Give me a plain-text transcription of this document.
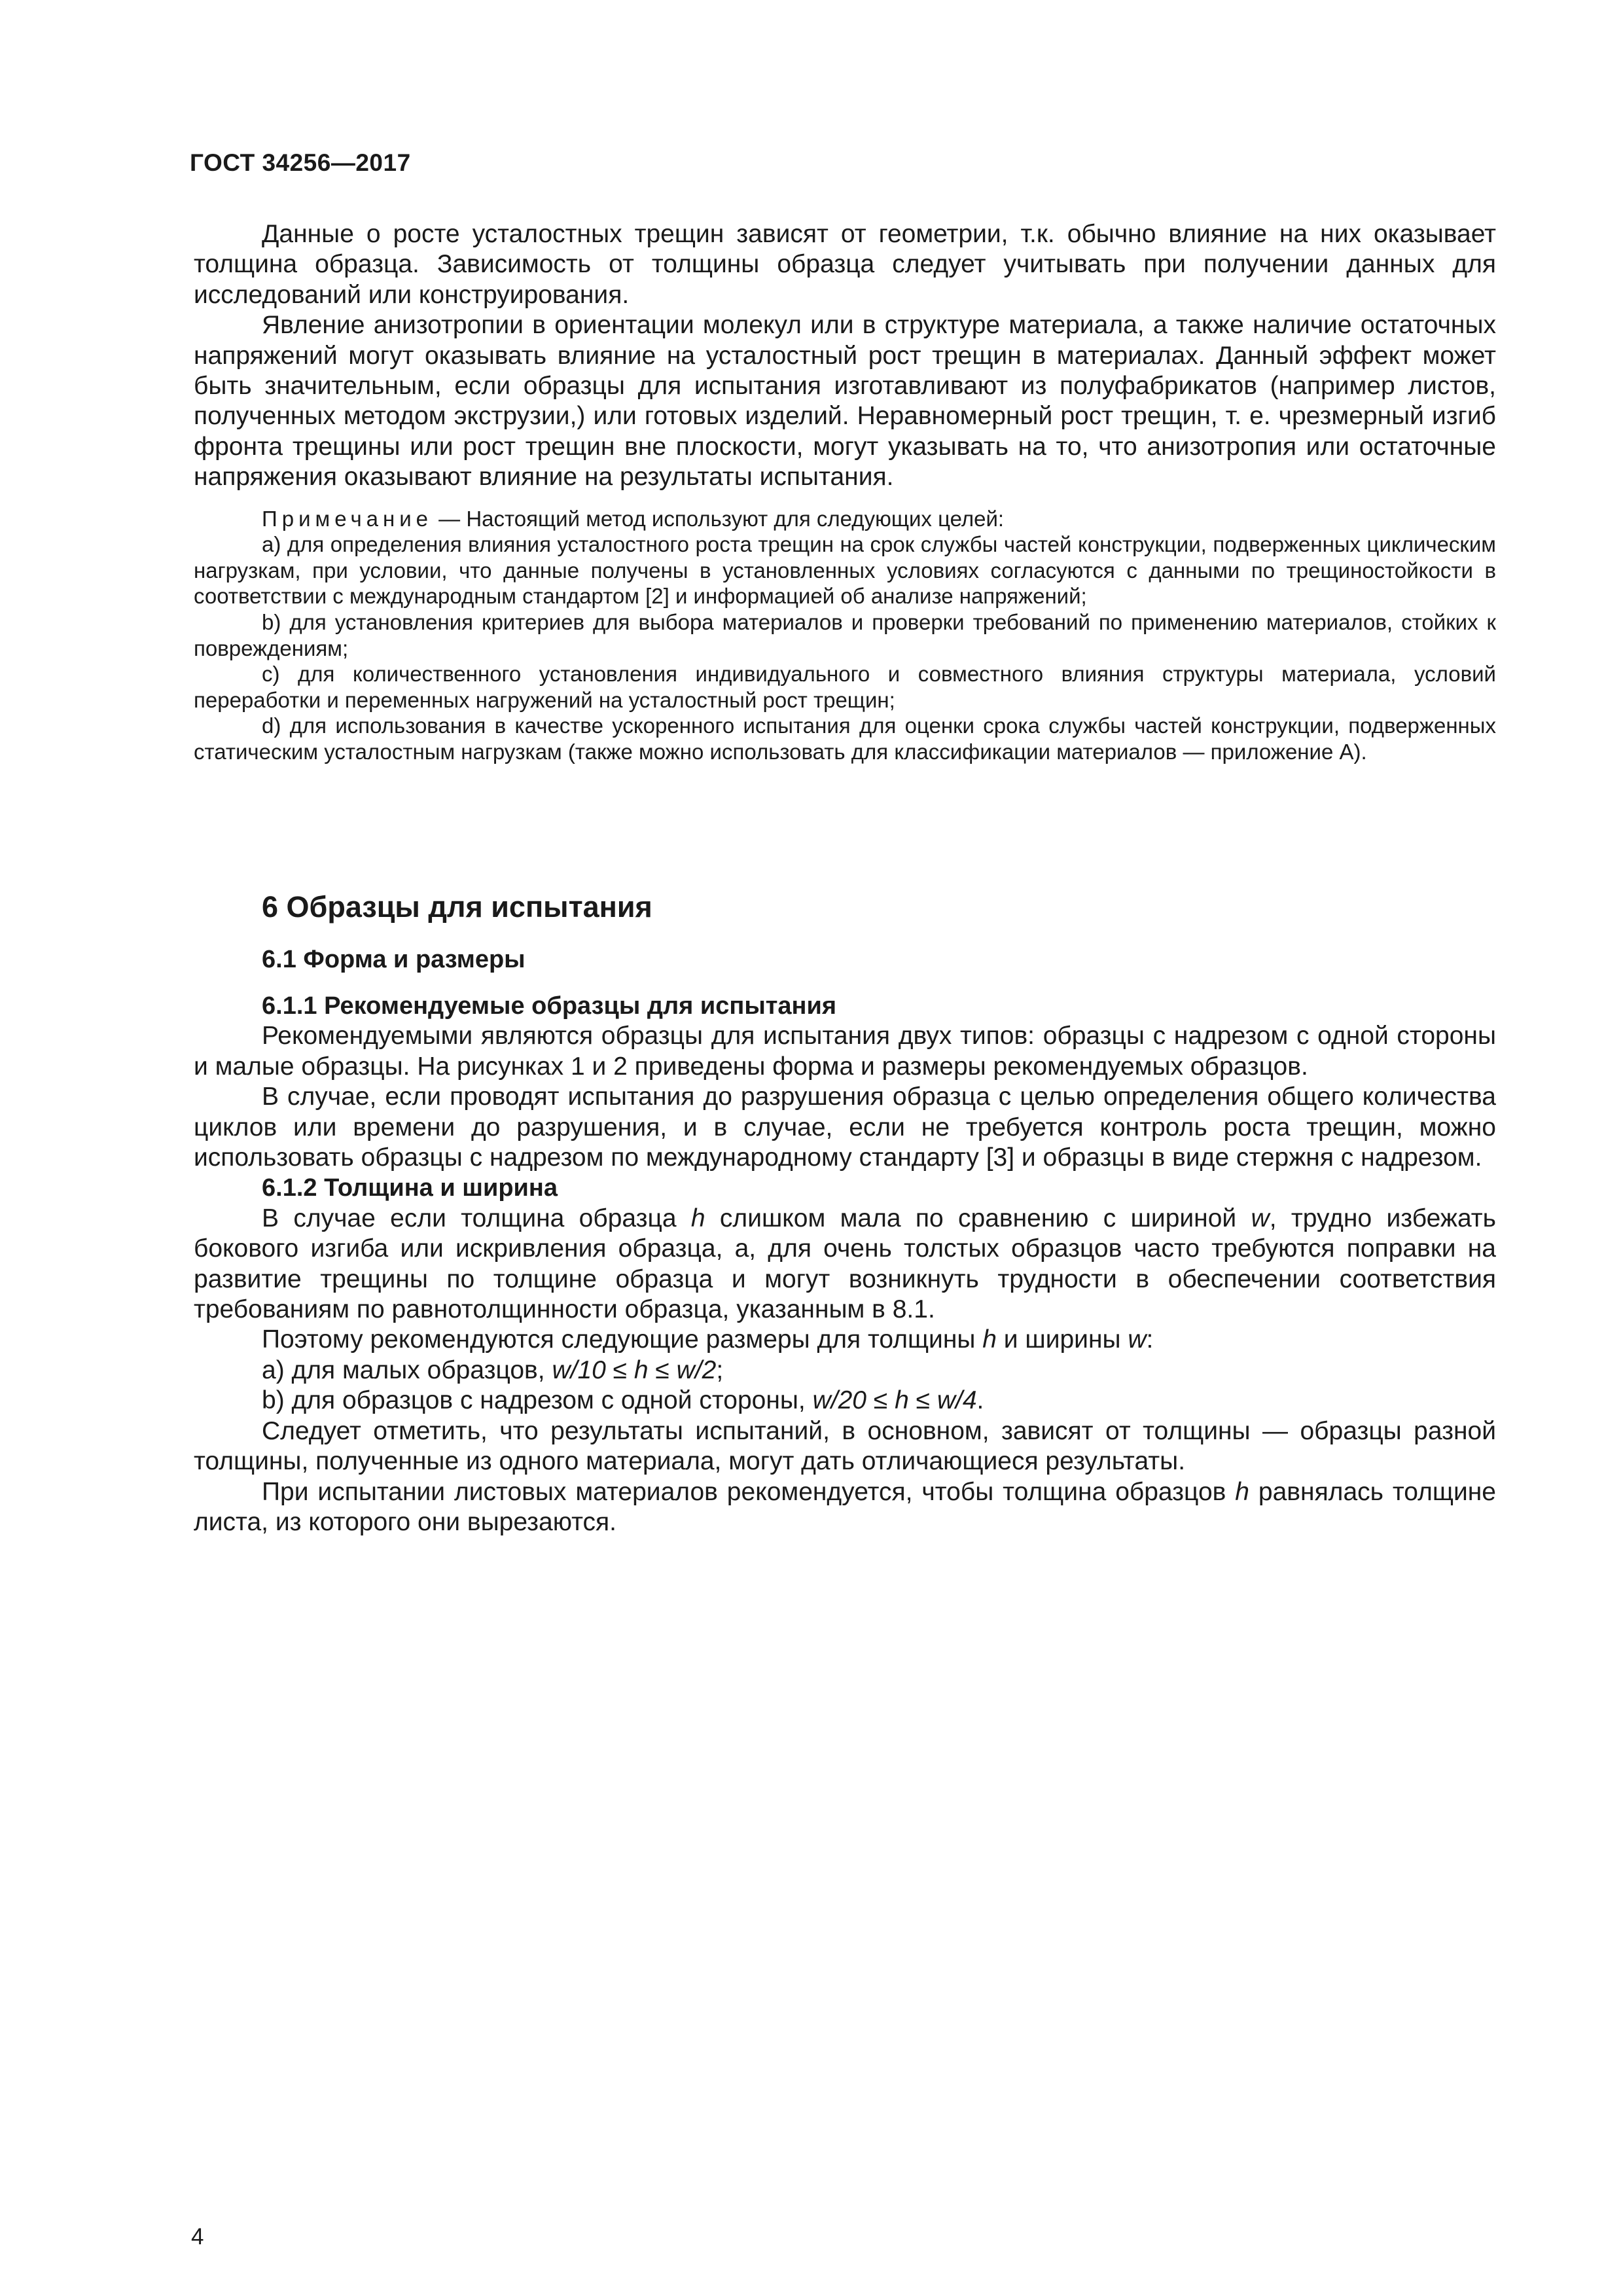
ГОСТ 34256—2017

Данные о росте усталостных трещин зависят от геометрии, т.к. обычно влияние на них оказывает толщина образца. Зависимость от толщины образца следует учитывать при получении данных для исследований или конструирования.

Явление анизотропии в ориентации молекул или в структуре материала, а также наличие остаточных напряжений могут оказывать влияние на усталостный рост трещин в материалах. Данный эффект может быть значительным, если образцы для испытания изготавливают из полуфабрикатов (например листов, полученных методом экструзии,) или готовых изделий. Неравномерный рост трещин, т. е. чрезмерный изгиб фронта трещины или рост трещин вне плоскости, могут указывать на то, что анизотропия или остаточные напряжения оказывают влияние на результаты испытания.

Примечание — Настоящий метод используют для следующих целей:

а) для определения влияния усталостного роста трещин на срок службы частей конструкции, подверженных циклическим нагрузкам, при условии, что данные получены в установленных условиях согласуются с данными по трещиностойкости в соответствии с международным стандартом [2] и информацией об анализе напряжений;

b) для установления критериев для выбора материалов и проверки требований по применению материалов, стойких к повреждениям;

c) для количественного установления индивидуального и совместного влияния структуры материала, условий переработки и переменных нагружений на усталостный рост трещин;

d) для использования в качестве ускоренного испытания для оценки срока службы частей конструкции, подверженных статическим усталостным нагрузкам (также можно использовать для классификации материалов — приложение А).

6 Образцы для испытания

6.1 Форма и размеры

6.1.1 Рекомендуемые образцы для испытания

Рекомендуемыми являются образцы для испытания двух типов: образцы с надрезом с одной стороны и малые образцы. На рисунках 1 и 2 приведены форма и размеры рекомендуемых образцов.

В случае, если проводят испытания до разрушения образца с целью определения общего количества циклов или времени до разрушения, и в случае, если не требуется контроль роста трещин, можно использовать образцы с надрезом по международному стандарту [3] и образцы в виде стержня с надрезом.

6.1.2 Толщина и ширина

В случае если толщина образца h слишком мала по сравнению с шириной w, трудно избежать бокового изгиба или искривления образца, а, для очень толстых образцов часто требуются поправки на развитие трещины по толщине образца и могут возникнуть трудности в обеспечении соответствия требованиям по равнотолщинности образца, указанным в 8.1.

Поэтому рекомендуются следующие размеры для толщины h и ширины w:

а) для малых образцов, w/10 ≤ h ≤ w/2;

b) для образцов с надрезом с одной стороны, w/20 ≤ h ≤ w/4.

Следует отметить, что результаты испытаний, в основном, зависят от толщины — образцы разной толщины, полученные из одного материала, могут дать отличающиеся результаты.

При испытании листовых материалов рекомендуется, чтобы толщина образцов h равнялась толщине листа, из которого они вырезаются.

4
